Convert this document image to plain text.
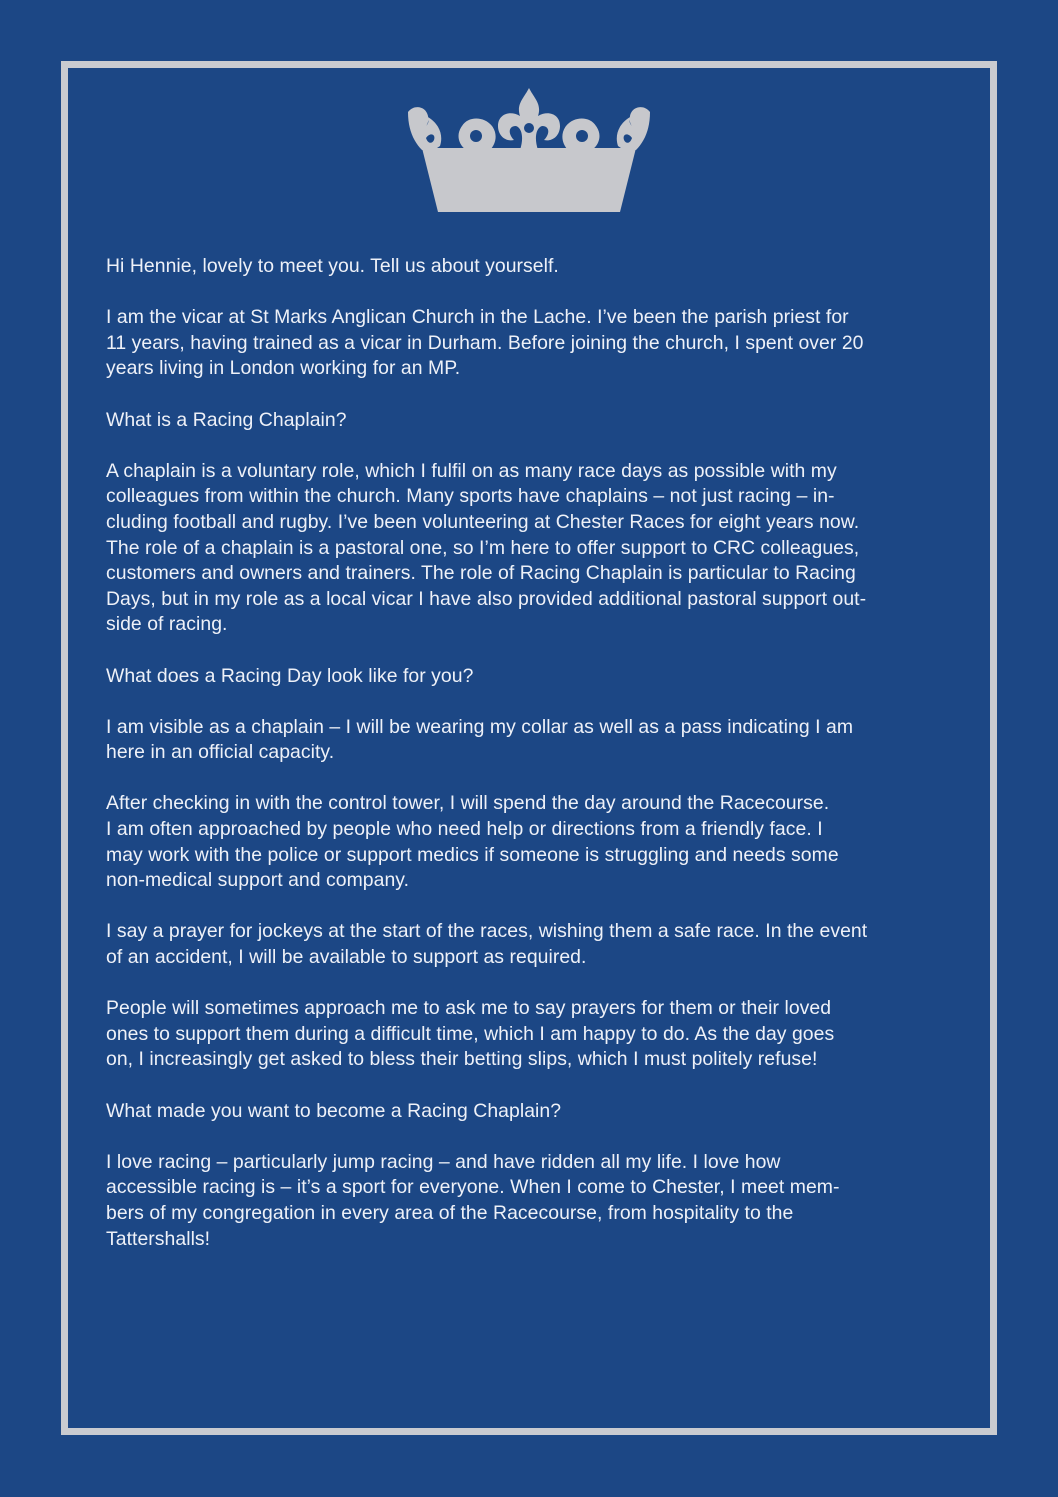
Hi Hennie, lovely to meet you. Tell us about yourself.

I am the vicar at St Marks Anglican Church in the Lache. I’ve been the parish priest for
11 years, having trained as a vicar in Durham. Before joining the church, I spent over 20
years living in London working for an MP.

What is a Racing Chaplain?

A chaplain is a voluntary role, which I fulfil on as many race days as possible with my
colleagues from within the church. Many sports have chaplains – not just racing – in-
cluding football and rugby. I’ve been volunteering at Chester Races for eight years now.
The role of a chaplain is a pastoral one, so I’m here to offer support to CRC colleagues,
customers and owners and trainers. The role of Racing Chaplain is particular to Racing
Days, but in my role as a local vicar I have also provided additional pastoral support out-
side of racing.

What does a Racing Day look like for you?

I am visible as a chaplain – I will be wearing my collar as well as a pass indicating I am
here in an official capacity.

After checking in with the control tower, I will spend the day around the Racecourse.
I am often approached by people who need help or directions from a friendly face. I
may work with the police or support medics if someone is struggling and needs some
non-medical support and company.

I say a prayer for jockeys at the start of the races, wishing them a safe race. In the event
of an accident, I will be available to support as required.

People will sometimes approach me to ask me to say prayers for them or their loved
ones to support them during a difficult time, which I am happy to do. As the day goes
on, I increasingly get asked to bless their betting slips, which I must politely refuse!

What made you want to become a Racing Chaplain?

I love racing – particularly jump racing – and have ridden all my life. I love how
accessible racing is – it’s a sport for everyone. When I come to Chester, I meet mem-
bers of my congregation in every area of the Racecourse, from hospitality to the
Tattershalls!
